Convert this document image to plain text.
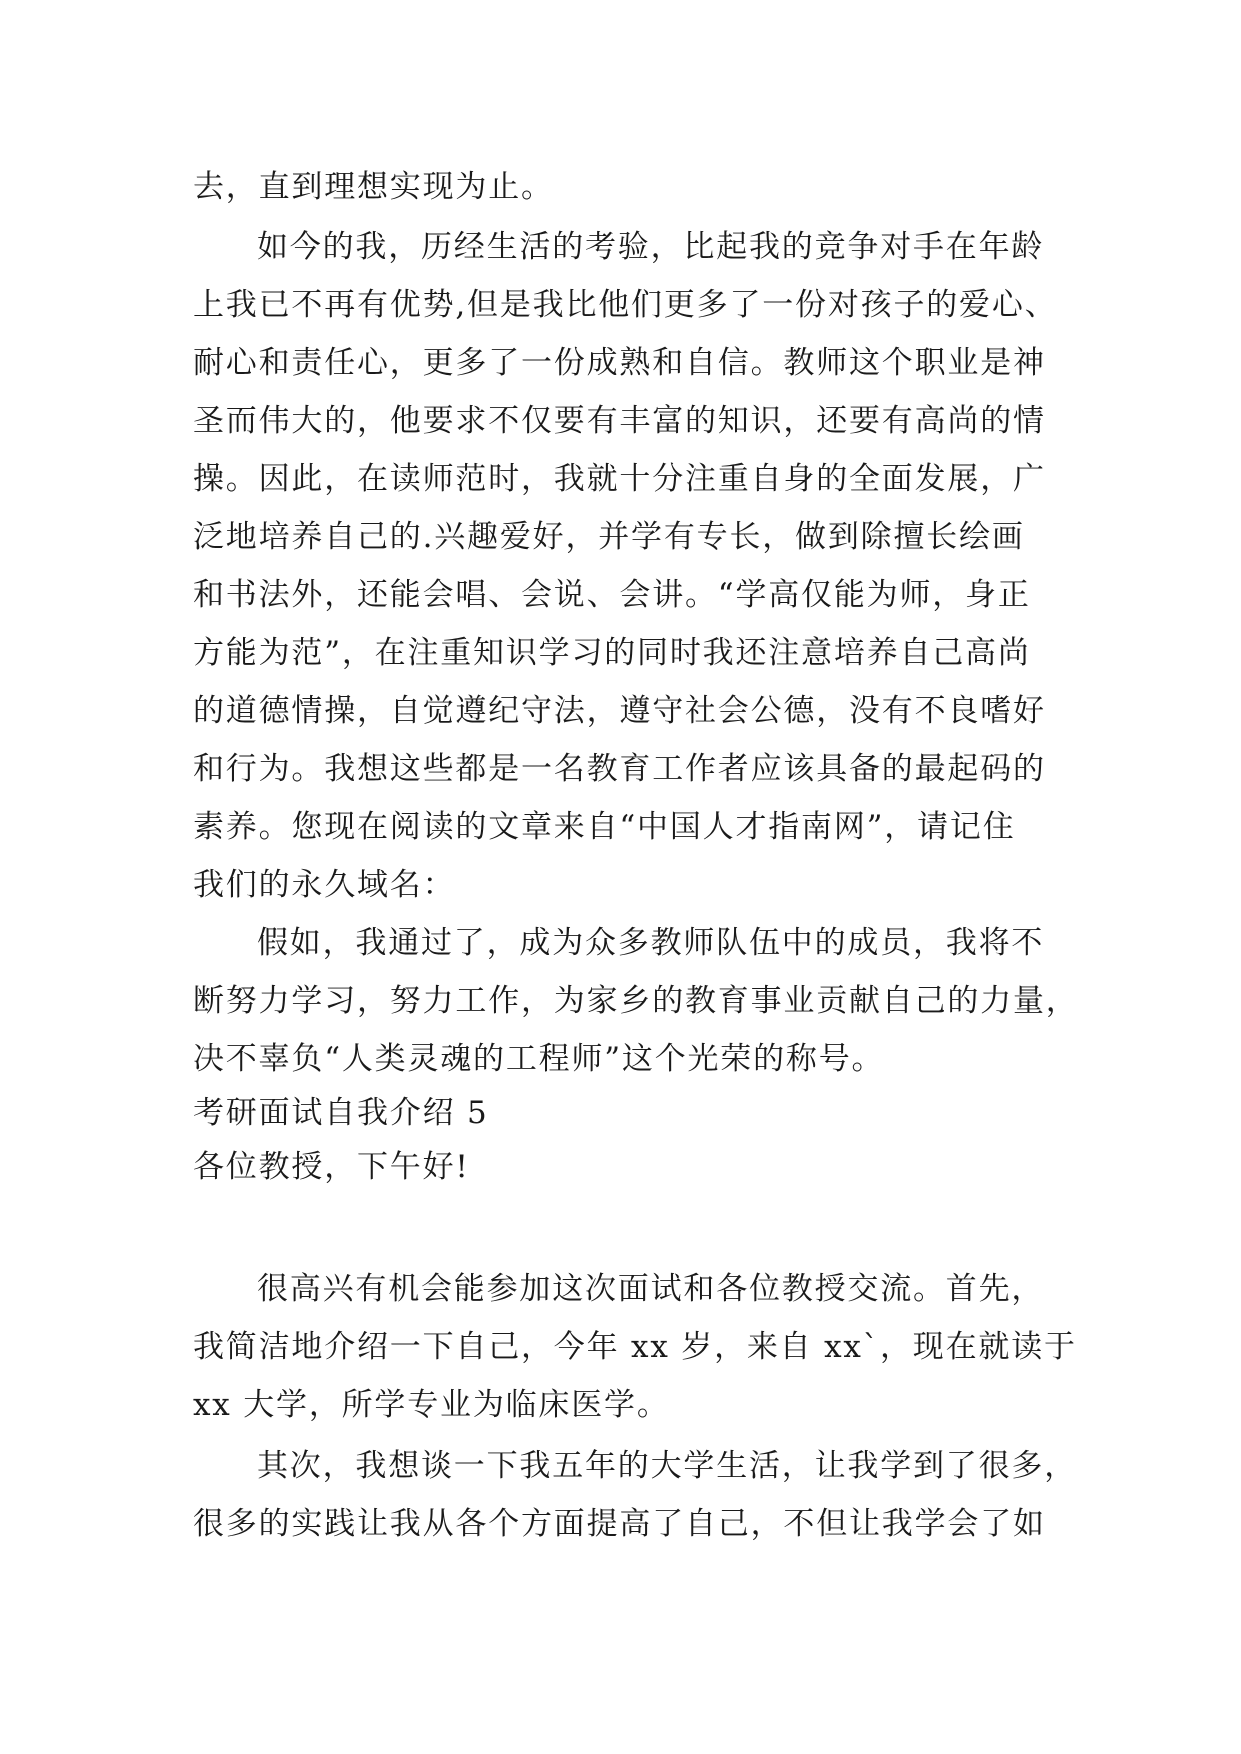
去，直到理想实现为止。
如今的我，历经生活的考验，比起我的竞争对手在年龄
上我已不再有优势,但是我比他们更多了一份对孩子的爱心、
耐心和责任心，更多了一份成熟和自信。教师这个职业是神
圣而伟大的，他要求不仅要有丰富的知识，还要有高尚的情
操。因此，在读师范时，我就十分注重自身的全面发展，广
泛地培养自己的.兴趣爱好，并学有专长，做到除擅长绘画
和书法外，还能会唱、会说、会讲。“学高仅能为师，身正
方能为范”，在注重知识学习的同时我还注意培养自己高尚
的道德情操，自觉遵纪守法，遵守社会公德，没有不良嗜好
和行为。我想这些都是一名教育工作者应该具备的最起码的
素养。您现在阅读的文章来自“中国人才指南网”，请记住
我们的永久域名：
假如，我通过了，成为众多教师队伍中的成员，我将不
断努力学习，努力工作，为家乡的教育事业贡献自己的力量，
决不辜负“人类灵魂的工程师”这个光荣的称号。
考研面试自我介绍 5
各位教授，下午好!
很高兴有机会能参加这次面试和各位教授交流。首先，
我简洁地介绍一下自己，今年 xx 岁，来自 xx`，现在就读于
xx 大学，所学专业为临床医学。
其次，我想谈一下我五年的大学生活，让我学到了很多，
很多的实践让我从各个方面提高了自己，不但让我学会了如
